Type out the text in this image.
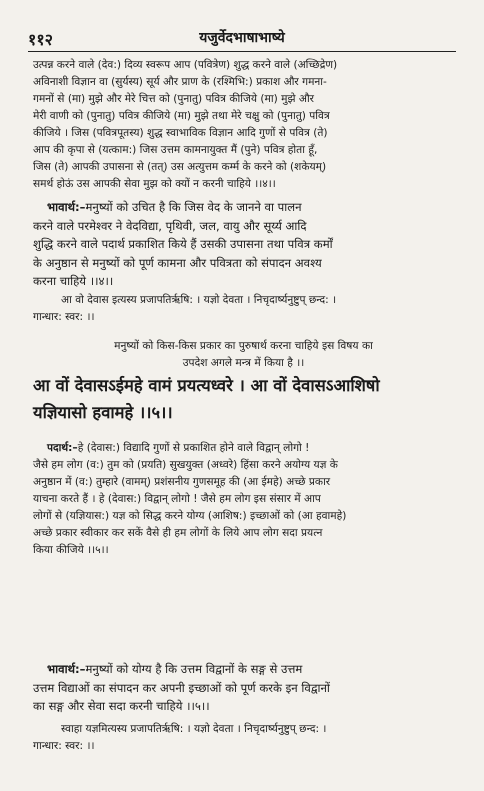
११२	यजुर्वेदभाषाभाष्ये
उत्पन्न करने वाले (देव:) दिव्य स्वरूप आप (पवित्रेण) शुद्ध करने वाले (अच्छिद्रेण)
अविनाशी विज्ञान वा (सुर्यस्य) सूर्य और प्राण के (रश्मिभि:) प्रकाश और गमना-
गमनों से (मा) मुझे और मेरे चित्त को (पुनातु) पवित्र कीजिये (मा) मुझे और
मेरी वाणी को (पुनातु) पवित्र कीजिये (मा) मुझे तथा मेरे चक्षु को (पुनातु) पवित्र
कीजिये । जिस (पवित्रपूतस्य) शुद्ध स्वाभाविक विज्ञान आदि गुणों से पवित्र (ते)
आप की कृपा से (यत्काम:) जिस उत्तम कामनायुक्त मैं (पुने) पवित्र होता हूँ,
जिस (ते) आपकी उपासना से (तत्) उस अत्युत्तम कर्म्म के करने को (शकेयम्)
समर्थ होऊं उस आपकी सेवा मुझ को क्यों न करनी चाहिये ।।४।।
भावार्थ:–मनुष्यों को उचित है कि जिस वेद के जानने वा पालन
करने वाले परमेश्वर ने वेदविद्या, पृथिवी, जल, वायु और सूर्य्य आदि
शुद्धि करने वाले पदार्थ प्रकाशित किये हैं उसकी उपासना तथा पवित्र कर्मों
के अनुष्ठान से मनुष्यों को पूर्ण कामना और पवित्रता को संपादन अवश्य
करना चाहिये ।।४।।
आ वो देवास इत्यस्य प्रजापतिर्ऋषि: । यज्ञो देवता । निचृदार्ष्यनुष्टुप् छन्द: ।
गान्धार: स्वर: ।।
मनुष्यों को किस-किस प्रकार का पुरुषार्थ करना चाहिये इस विषय का
उपदेश अगले मन्त्र में किया है ।।
आ वों देवासऽईमहे वामं प्रयत्यध्वरे । आ वों देवासऽआशिषो
यज्ञियासो हवामहे ।।५।।
पदार्थ:–हे (देवास:) विद्यादि गुणों से प्रकाशित होने वाले विद्वान् लोगो !
जैसे हम लोग (व:) तुम को (प्रयति) सुखयुक्त (अध्वरे) हिंसा करने अयोग्य यज्ञ के
अनुष्ठान में (व:) तुम्हारे (वामम्) प्रशंसनीय गुणसमूह की (आ ईमहे) अच्छे प्रकार
याचना करते हैं । हे (देवास:) विद्वान् लोगो ! जैसे हम लोग इस संसार में आप
लोगों से (यज्ञियास:) यज्ञ को सिद्ध करने योग्य (आशिष:) इच्छाओं को (आ हवामहे)
अच्छे प्रकार स्वीकार कर सकें वैसे ही हम लोगों के लिये आप लोग सदा प्रयत्न
किया कीजिये ।।५।।
भावार्थ:–मनुष्यों को योग्य है कि उत्तम विद्वानों के सङ्ग से उत्तम
उत्तम विद्याओं का संपादन कर अपनी इच्छाओं को पूर्ण करके इन विद्वानों
का सङ्ग और सेवा सदा करनी चाहिये ।।५।।
स्वाहा यज्ञमित्यस्य प्रजापतिर्ऋषि: । यज्ञो देवता । निचृदार्ष्यनुष्टुप् छन्द: ।
गान्धार: स्वर: ।।
